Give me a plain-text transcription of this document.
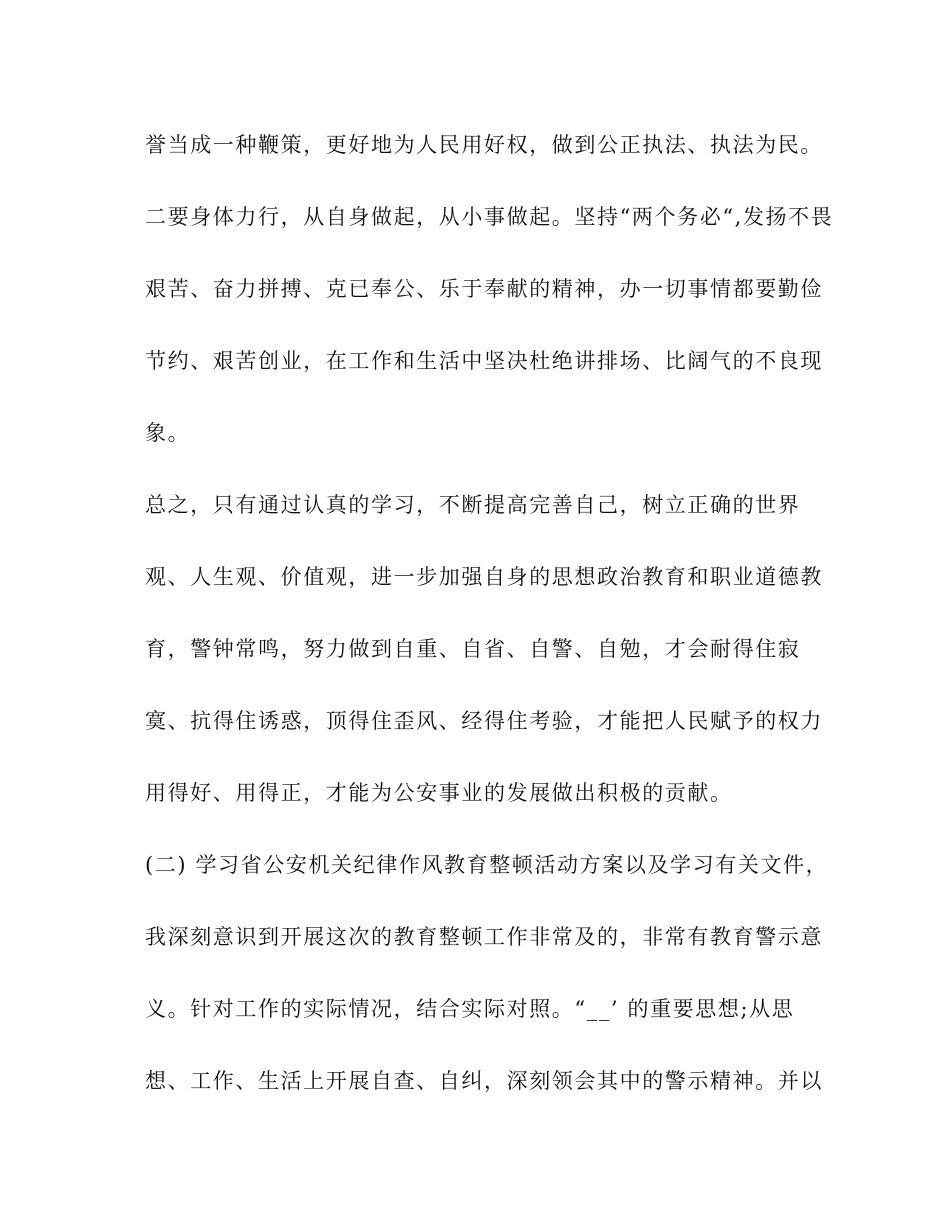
誉当成一种鞭策，更好地为人民用好权，做到公正执法、执法为民。
二要身体力行，从自身做起，从小事做起。坚持“两个务必“,发扬不畏
艰苦、奋力拼搏、克已奉公、乐于奉献的精神，办一切事情都要勤俭
节约、艰苦创业，在工作和生活中坚决杜绝讲排场、比阔气的不良现
象。
总之，只有通过认真的学习，不断提高完善自己，树立正确的世界
观、人生观、价值观，进一步加强自身的思想政治教育和职业道德教
育，警钟常鸣，努力做到自重、自省、自警、自勉，才会耐得住寂
寞、抗得住诱惑，顶得住歪风、经得住考验，才能把人民赋予的权力
用得好、用得正，才能为公安事业的发展做出积极的贡献。
(二) 学习省公安机关纪律作风教育整顿活动方案以及学习有关文件，
我深刻意识到开展这次的教育整顿工作非常及的，非常有教育警示意
义。针对工作的实际情况，结合实际对照。“__’ 的重要思想;从思
想、工作、生活上开展自查、自纠，深刻领会其中的警示精神。并以
